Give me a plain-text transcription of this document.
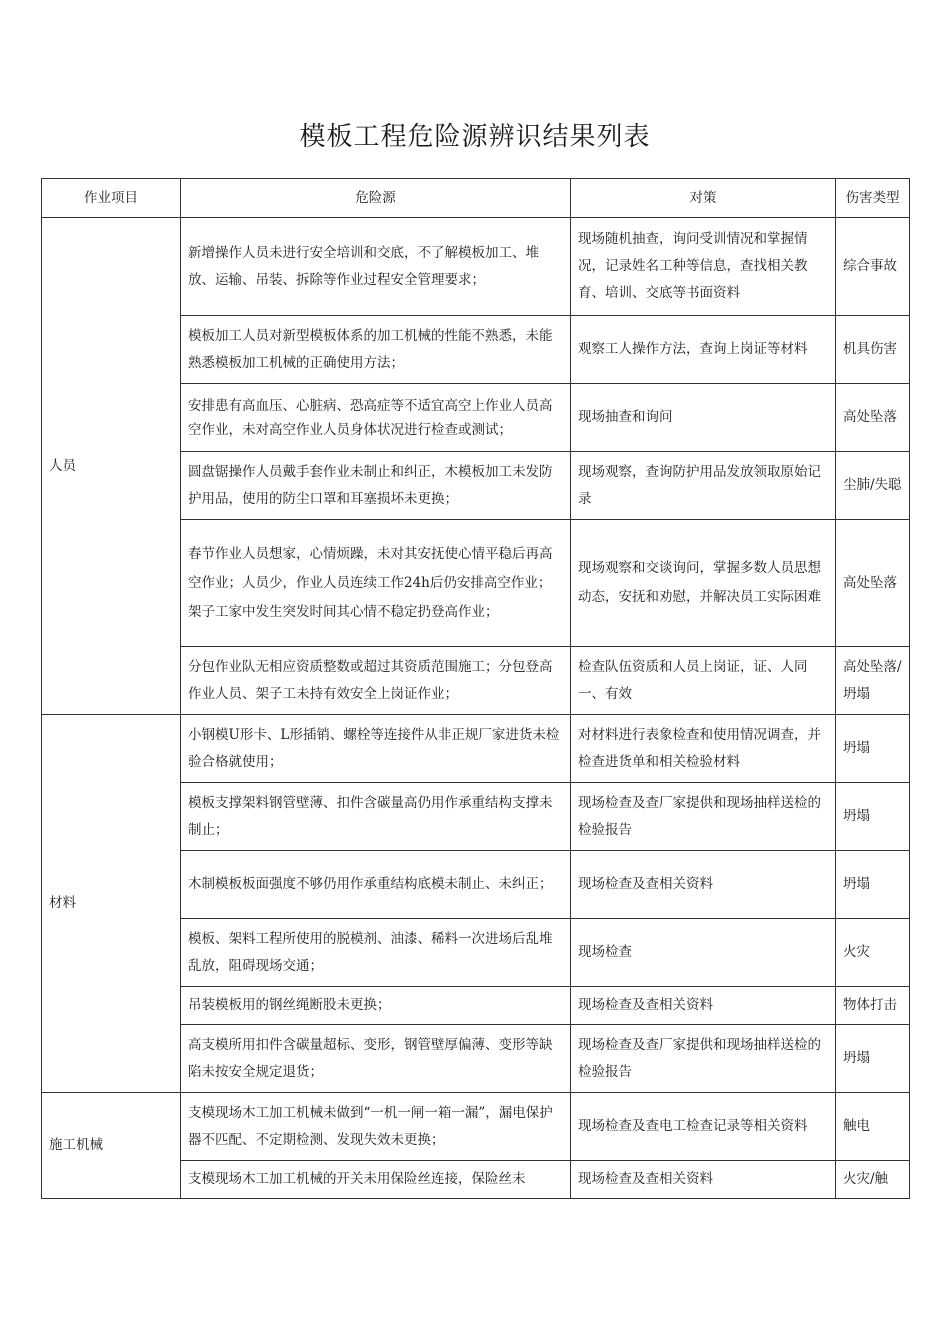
模板工程危险源辨识结果列表
作业项目	危险源	对策	伤害类型
人员	新增操作人员未进行安全培训和交底，不了解模板加工、堆放、运输、吊装、拆除等作业过程安全管理要求；	现场随机抽查，询问受训情况和掌握情况，记录姓名工种等信息，查找相关教育、培训、交底等书面资料	综合事故
	模板加工人员对新型模板体系的加工机械的性能不熟悉，未能熟悉模板加工机械的正确使用方法；	观察工人操作方法，查询上岗证等材料	机具伤害

	安排患有高血压、心脏病、恐高症等不适宜高空上作业人员高空作业，未对高空作业人员身体状况进行检查或测试；	现场抽查和询问	高处坠落
	圆盘锯操作人员戴手套作业未制止和纠正，木模板加工未发防护用品，使用的防尘口罩和耳塞损坏未更换；	现场观察，查询防护用品发放领取原始记录	尘肺/失聪
	春节作业人员想家，心情烦躁，未对其安抚使心情平稳后再高空作业；人员少，作业人员连续工作24h后仍安排高空作业；架子工家中发生突发时间其心情不稳定扔登高作业；	现场观察和交谈询问，掌握多数人员思想动态，安抚和劝慰，并解决员工实际困难	高处坠落
	分包作业队无相应资质整数或超过其资质范围施工；分包登高作业人员、架子工未持有效安全上岗证作业；	检查队伍资质和人员上岗证，证、人同一、有效	高处坠落/坍塌
材料	小钢模U形卡、L形插销、螺栓等连接件从非正规厂家进货未检验合格就使用；	对材料进行表象检查和使用情况调查，并检查进货单和相关检验材料	坍塌
	模板支撑架料钢管壁薄、扣件含碳量高仍用作承重结构支撑未制止；	现场检查及查厂家提供和现场抽样送检的检验报告	坍塌
	木制模板板面强度不够仍用作承重结构底模未制止、未纠正；	现场检查及查相关资料	坍塌
	模板、架料工程所使用的脱模剂、油漆、稀料一次进场后乱堆乱放，阻碍现场交通；	现场检查	火灾
	吊装模板用的钢丝绳断股未更换；	现场检查及查相关资料	物体打击
	高支模所用扣件含碳量超标、变形，钢管壁厚偏薄、变形等缺陷未按安全规定退货；	现场检查及查厂家提供和现场抽样送检的检验报告	坍塌
施工机械	支模现场木工加工机械未做到“一机一闸一箱一漏”，漏电保护器不匹配、不定期检测、发现失效未更换；	现场检查及查电工检查记录等相关资料	触电
	支模现场木工加工机械的开关未用保险丝连接，保险丝未	现场检查及查相关资料	火灾/触
